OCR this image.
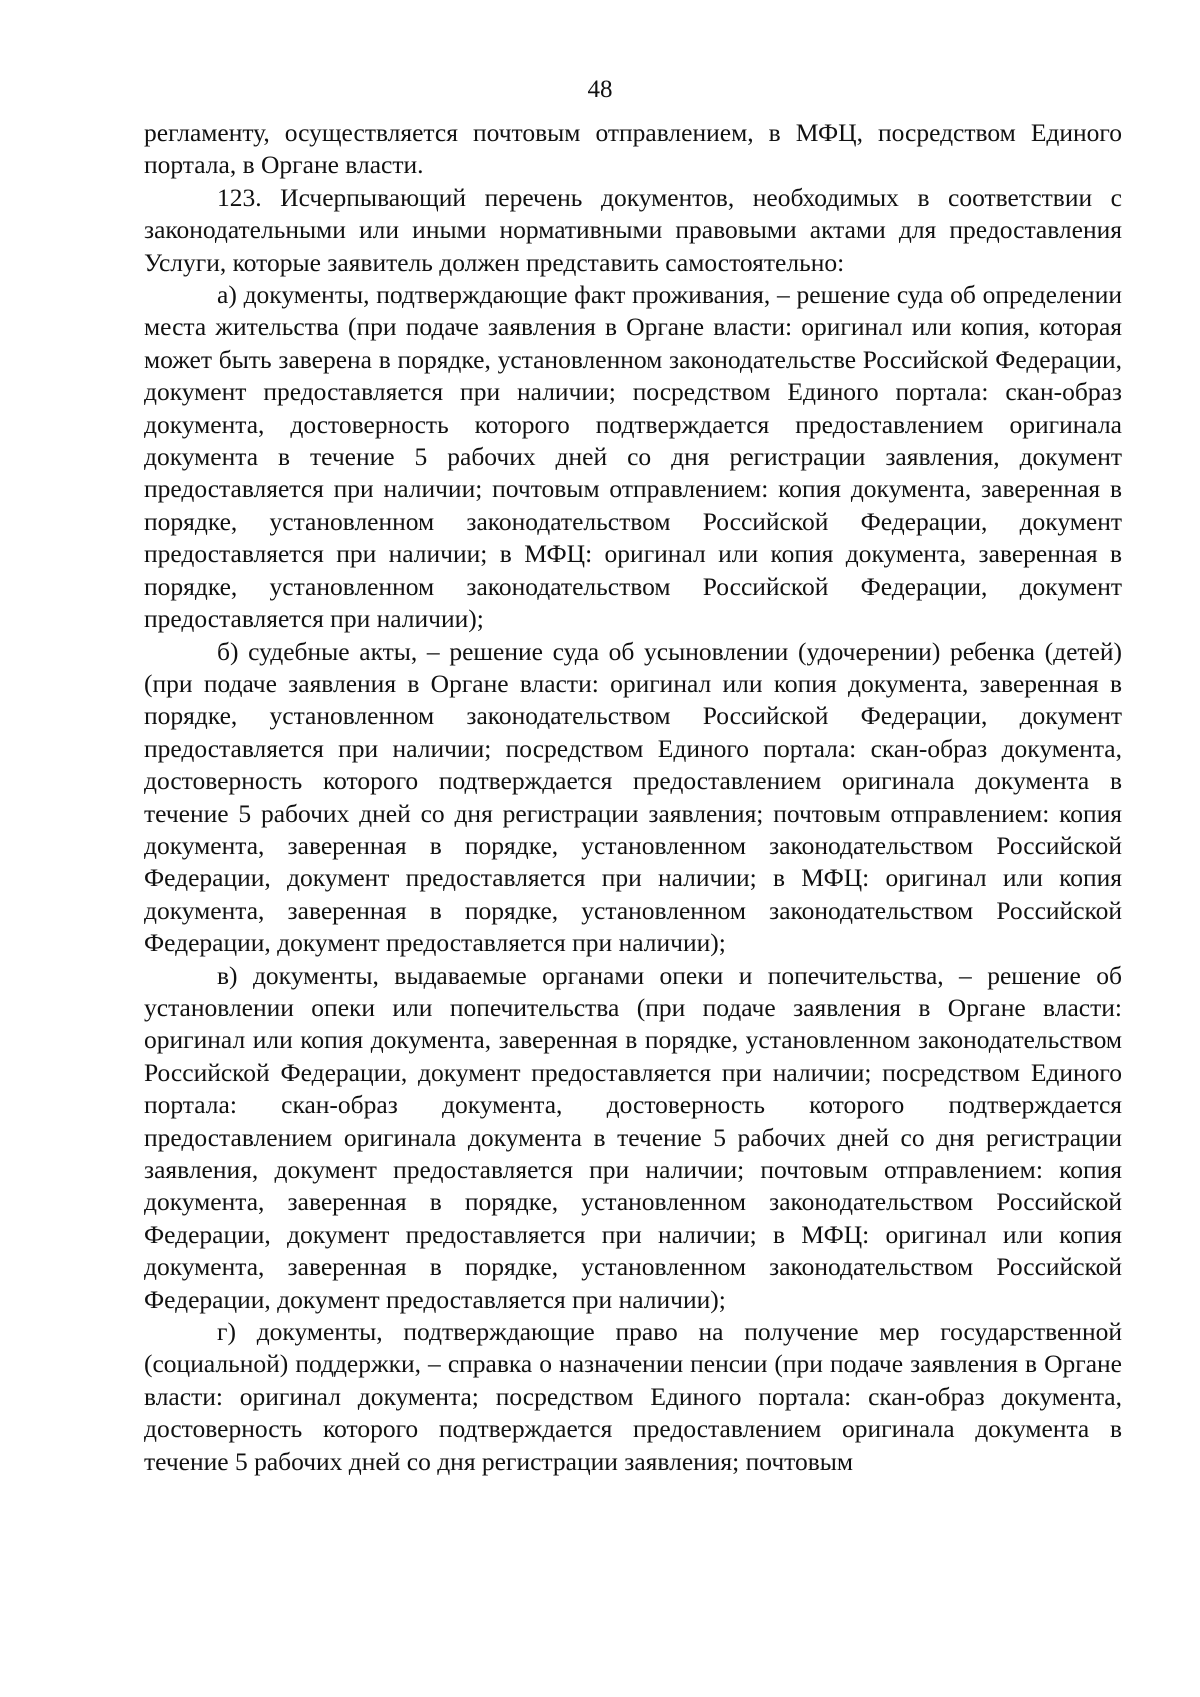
48

регламенту, осуществляется почтовым отправлением, в МФЦ, посредством Единого портала, в Органе власти.

123. Исчерпывающий перечень документов, необходимых в соответствии с законодательными или иными нормативными правовыми актами для предоставления Услуги, которые заявитель должен представить самостоятельно:

а) документы, подтверждающие факт проживания, – решение суда об определении места жительства (при подаче заявления в Органе власти: оригинал или копия, которая может быть заверена в порядке, установленном законодательстве Российской Федерации, документ предоставляется при наличии; посредством Единого портала: скан-образ документа, достоверность которого подтверждается предоставлением оригинала документа в течение 5 рабочих дней со дня регистрации заявления, документ предоставляется при наличии; почтовым отправлением: копия документа, заверенная в порядке, установленном законодательством Российской Федерации, документ предоставляется при наличии; в МФЦ: оригинал или копия документа, заверенная в порядке, установленном законодательством Российской Федерации, документ предоставляется при наличии);

б) судебные акты, – решение суда об усыновлении (удочерении) ребенка (детей) (при подаче заявления в Органе власти: оригинал или копия документа, заверенная в порядке, установленном законодательством Российской Федерации, документ предоставляется при наличии; посредством Единого портала: скан-образ документа, достоверность которого подтверждается предоставлением оригинала документа в течение 5 рабочих дней со дня регистрации заявления; почтовым отправлением: копия документа, заверенная в порядке, установленном законодательством Российской Федерации, документ предоставляется при наличии; в МФЦ: оригинал или копия документа, заверенная в порядке, установленном законодательством Российской Федерации, документ предоставляется при наличии);

в) документы, выдаваемые органами опеки и попечительства, – решение об установлении опеки или попечительства (при подаче заявления в Органе власти: оригинал или копия документа, заверенная в порядке, установленном законодательством Российской Федерации, документ предоставляется при наличии; посредством Единого портала: скан-образ документа, достоверность которого подтверждается предоставлением оригинала документа в течение 5 рабочих дней со дня регистрации заявления, документ предоставляется при наличии; почтовым отправлением: копия документа, заверенная в порядке, установленном законодательством Российской Федерации, документ предоставляется при наличии; в МФЦ: оригинал или копия документа, заверенная в порядке, установленном законодательством Российской Федерации, документ предоставляется при наличии);

г) документы, подтверждающие право на получение мер государственной (социальной) поддержки, – справка о назначении пенсии (при подаче заявления в Органе власти: оригинал документа; посредством Единого портала: скан-образ документа, достоверность которого подтверждается предоставлением оригинала документа в течение 5 рабочих дней со дня регистрации заявления; почтовым
